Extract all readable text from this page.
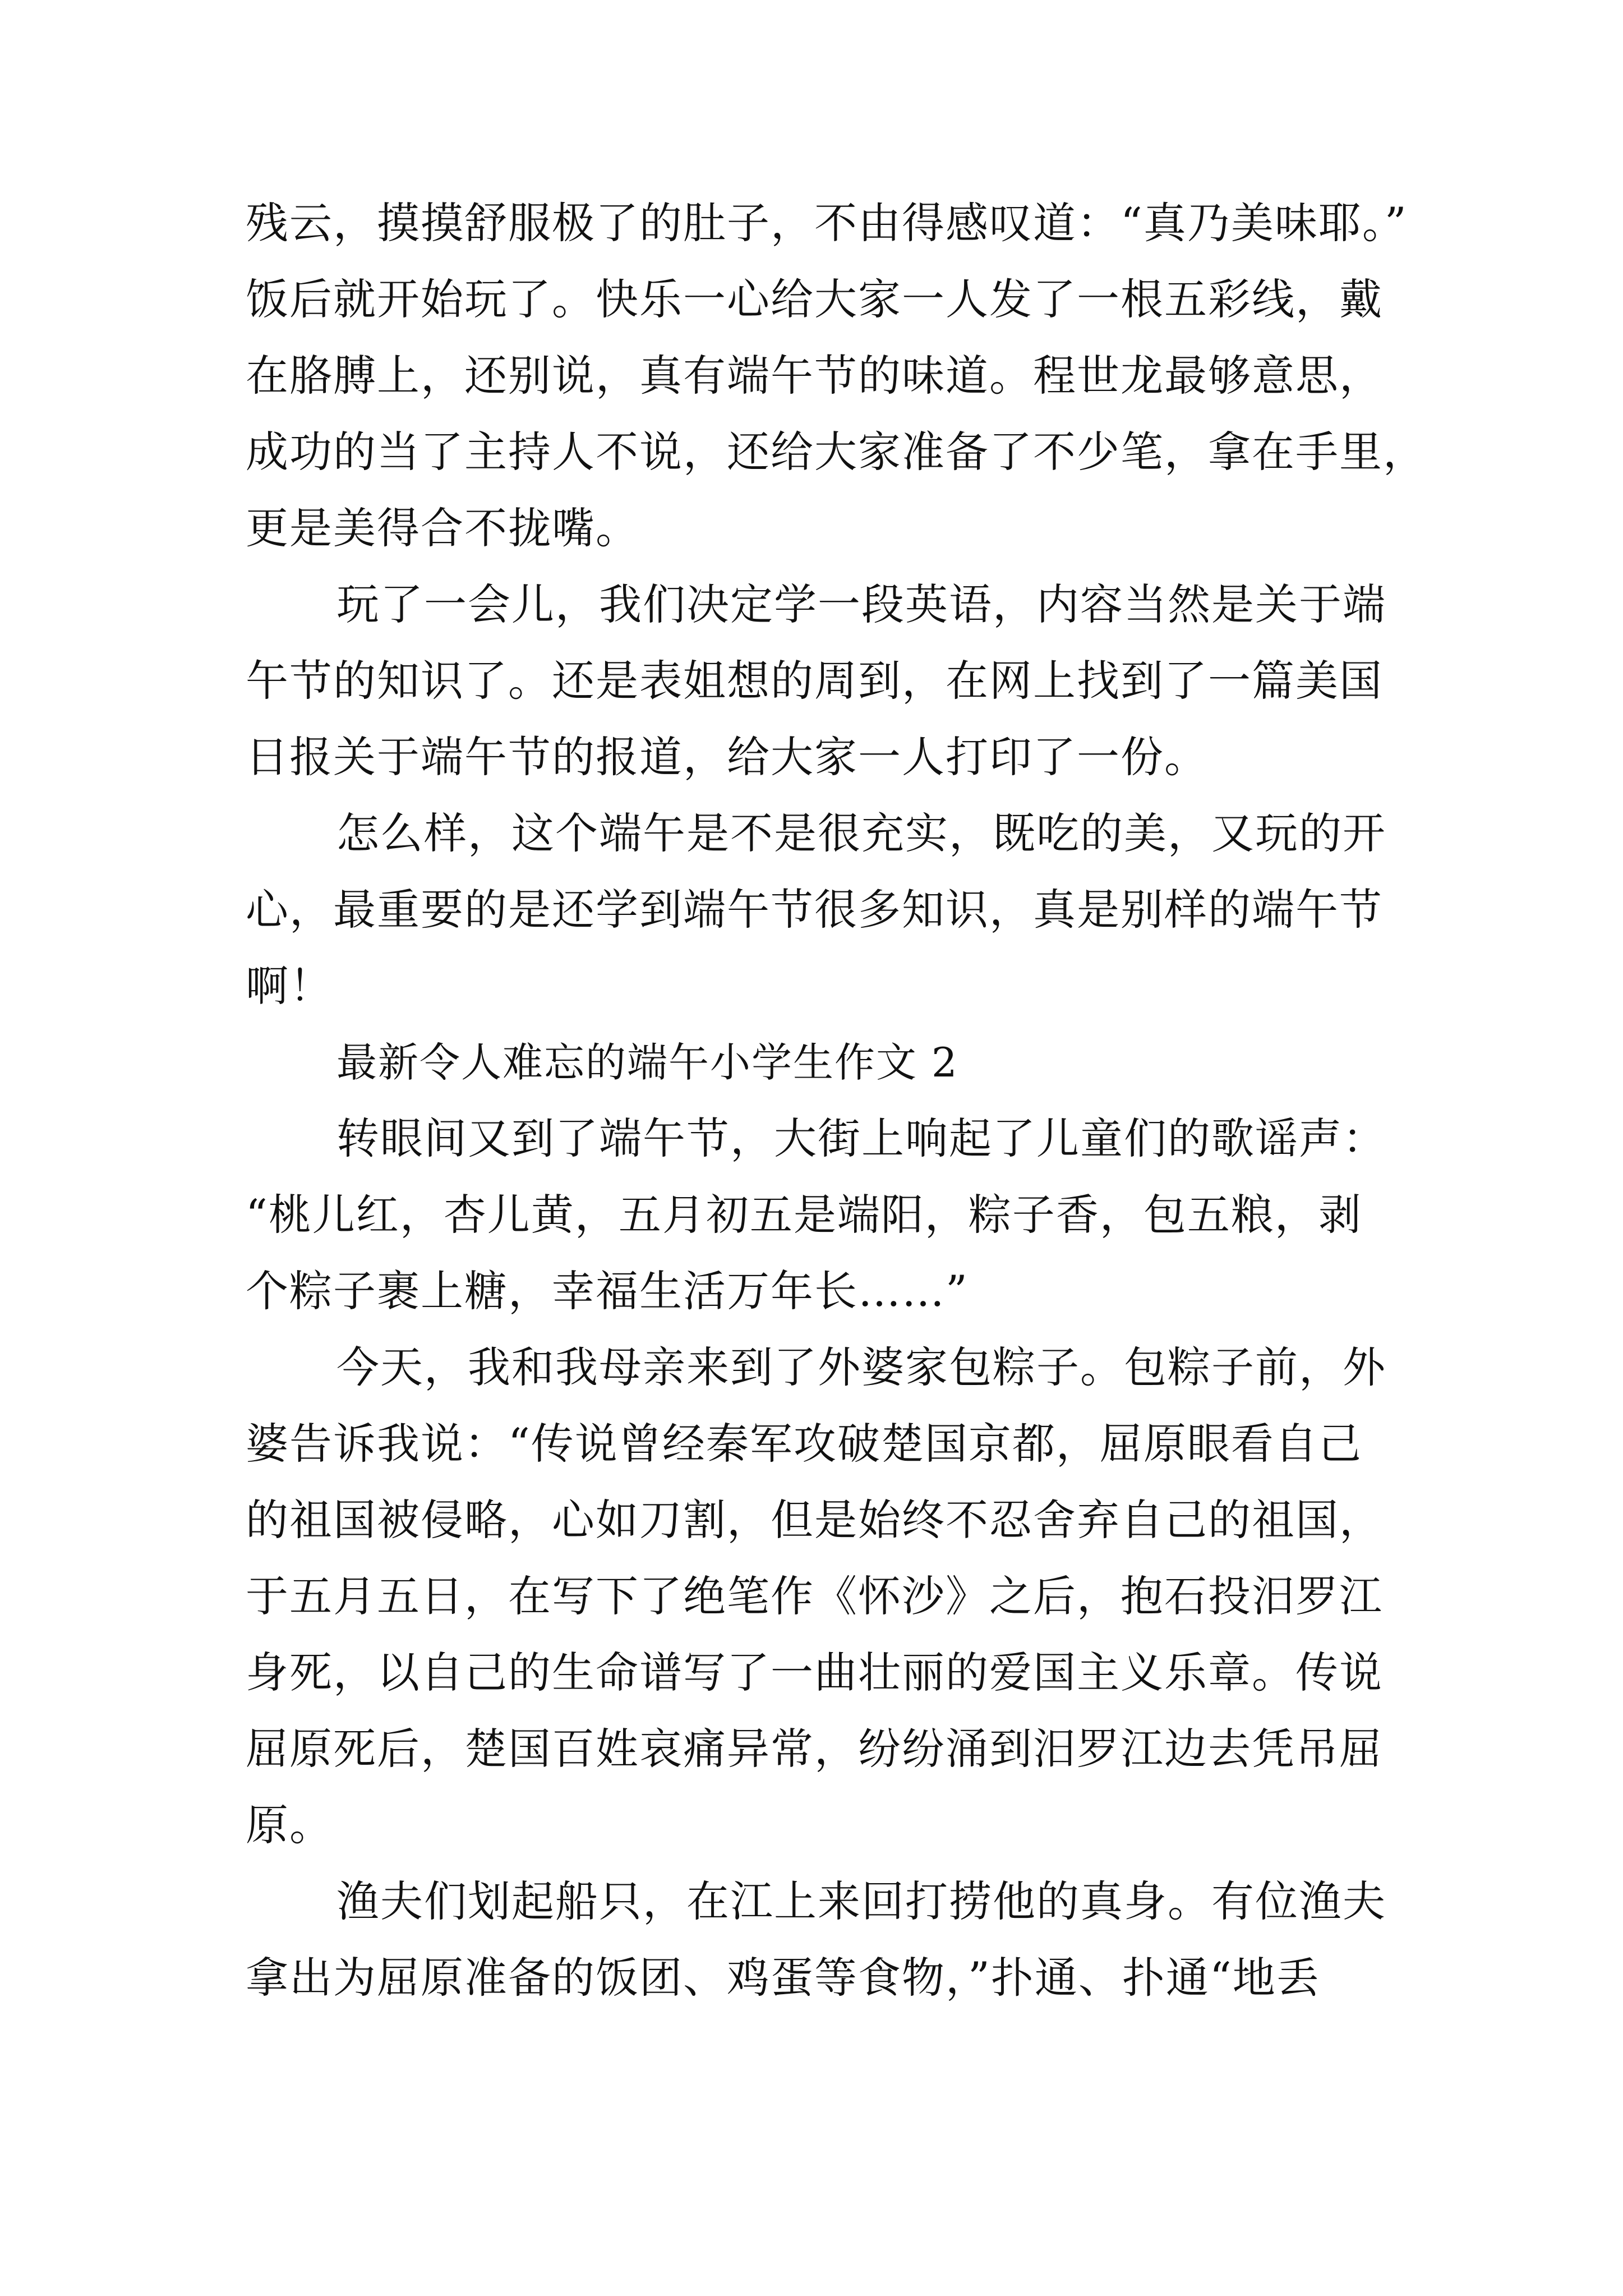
残云，摸摸舒服极了的肚子，不由得感叹道：“真乃美味耶。”
饭后就开始玩了。快乐一心给大家一人发了一根五彩线，戴
在胳膊上，还别说，真有端午节的味道。程世龙最够意思，
成功的当了主持人不说，还给大家准备了不少笔，拿在手里，
更是美得合不拢嘴。
玩了一会儿，我们决定学一段英语，内容当然是关于端
午节的知识了。还是表姐想的周到，在网上找到了一篇美国
日报关于端午节的报道，给大家一人打印了一份。
怎么样，这个端午是不是很充实，既吃的美，又玩的开
心，最重要的是还学到端午节很多知识，真是别样的端午节
啊！
最新令人难忘的端午小学生作文 2
转眼间又到了端午节，大街上响起了儿童们的歌谣声：
“桃儿红，杏儿黄，五月初五是端阳，粽子香，包五粮，剥
个粽子裹上糖，幸福生活万年长……”
今天，我和我母亲来到了外婆家包粽子。包粽子前，外
婆告诉我说：“传说曾经秦军攻破楚国京都，屈原眼看自己
的祖国被侵略，心如刀割，但是始终不忍舍弃自己的祖国，
于五月五日，在写下了绝笔作《怀沙》之后，抱石投汨罗江
身死，以自己的生命谱写了一曲壮丽的爱国主义乐章。传说
屈原死后，楚国百姓哀痛异常，纷纷涌到汨罗江边去凭吊屈
原。
渔夫们划起船只，在江上来回打捞他的真身。有位渔夫
拿出为屈原准备的饭团、鸡蛋等食物，”扑通、扑通“地丢
